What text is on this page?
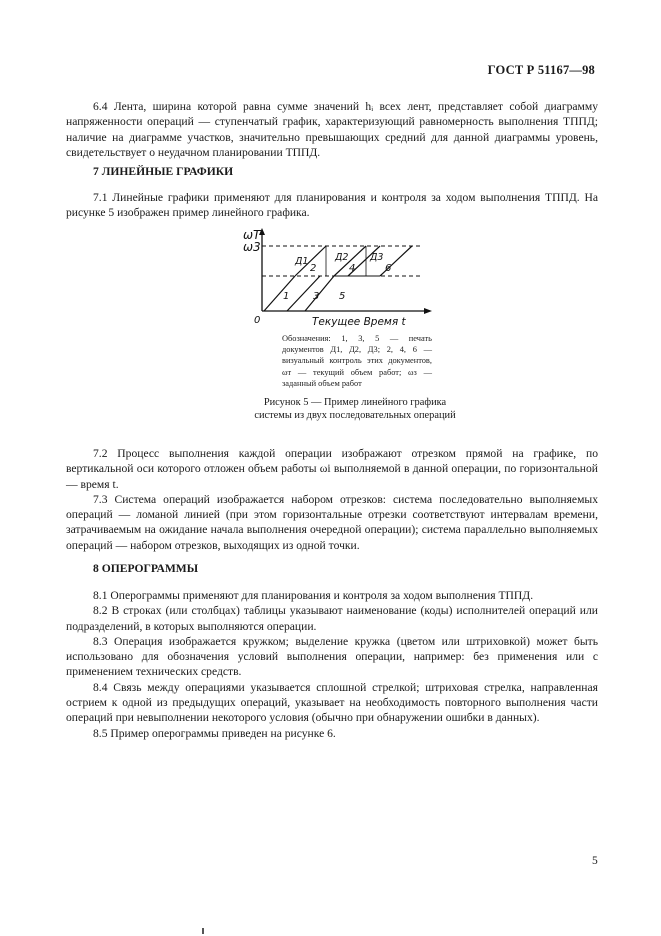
ГОСТ Р 51167—98

6.4 Лента, ширина которой равна сумме значений hᵢ всех лент, представляет собой диаграмму напряженности операций — ступенчатый график, характеризующий равномерность выполнения ТППД; наличие на диаграмме участков, значительно превышающих средний для данной диаграммы уровень, свидетельствует о неудачном планировании ТППД.

7 ЛИНЕЙНЫЕ ГРАФИКИ

7.1 Линейные графики применяют для планирования и контроля за ходом выполнения ТППД. На рисунке 5 изображен пример линейного графика.

ωT
ω3
0	Текущее Время t
1 3 5
2	4	6
Д1	Д2 Д3
Обозначения: 1, 3, 5 — печать документов Д1, Д2, Д3; 2, 4, 6 — визуальный контроль этих документов, ωт — текущий объем работ; ωз — заданный объем работ
Рисунок 5 — Пример линейного графика системы из двух последовательных операций

7.2 Процесс выполнения каждой операции изображают отрезком прямой на графике, по вертикальной оси которого отложен объем работы ωi выполняемой в данной операции, по горизонтальной — время t.

7.3 Система операций изображается набором отрезков: система последовательно выполняемых операций — ломаной линией (при этом горизонтальные отрезки соответствуют интервалам времени, затрачиваемым на ожидание начала выполнения очередной операции); система параллельно выполняемых операций — набором отрезков, выходящих из одной точки.

8 ОПЕРОГРАММЫ

8.1 Оперограммы применяют для планирования и контроля за ходом выполнения ТППД.

8.2 В строках (или столбцах) таблицы указывают наименование (коды) исполнителей операций или подразделений, в которых выполняются операции.

8.3 Операция изображается кружком; выделение кружка (цветом или штриховкой) может быть использовано для обозначения условий выполнения операции, например: без применения или с применением технических средств.

8.4 Связь между операциями указывается сплошной стрелкой; штриховая стрелка, направленная острием к одной из предыдущих операций, указывает на необходимость повторного выполнения части операций при невыполнении некоторого условия (обычно при обнаружении ошибки в данных).

8.5 Пример оперограммы приведен на рисунке 6.

5
